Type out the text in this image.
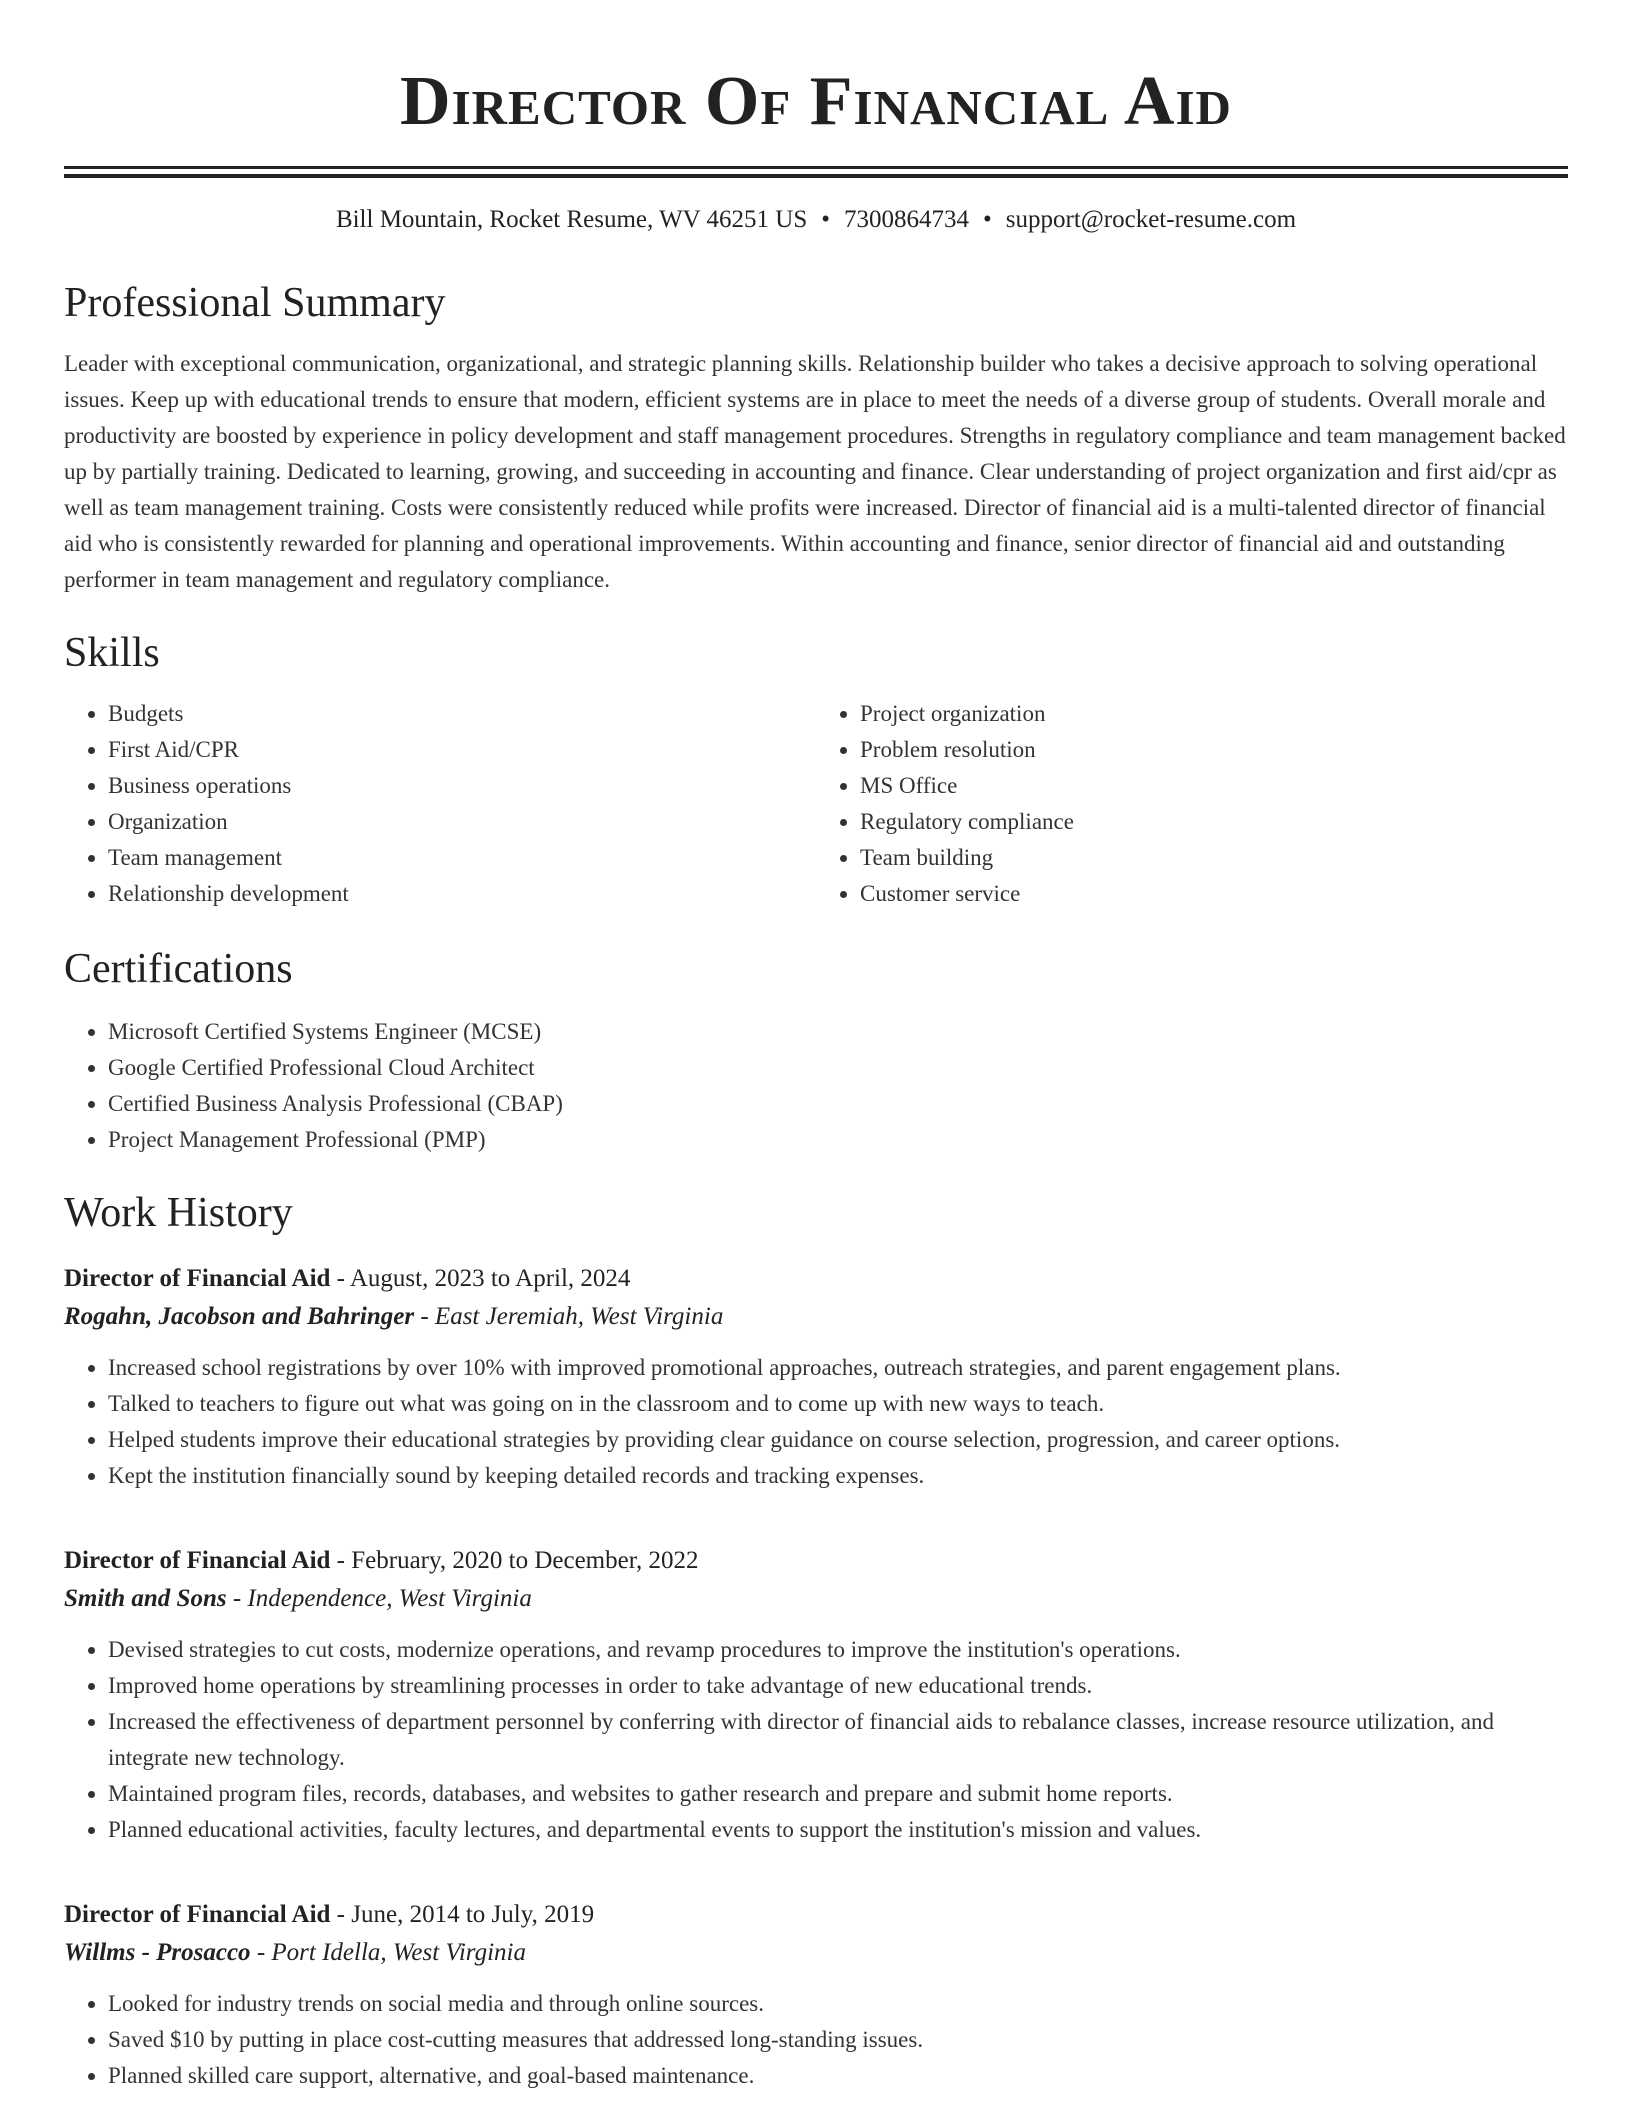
Director Of Financial Aid
Bill Mountain, Rocket Resume, WV 46251 US • 7300864734 • support@rocket-resume.com
Professional Summary
Leader with exceptional communication, organizational, and strategic planning skills. Relationship builder who takes a decisive approach to solving operational issues. Keep up with educational trends to ensure that modern, efficient systems are in place to meet the needs of a diverse group of students. Overall morale and productivity are boosted by experience in policy development and staff management procedures. Strengths in regulatory compliance and team management backed up by partially training. Dedicated to learning, growing, and succeeding in accounting and finance. Clear understanding of project organization and first aid/cpr as well as team management training. Costs were consistently reduced while profits were increased. Director of financial aid is a multi-talented director of financial aid who is consistently rewarded for planning and operational improvements. Within accounting and finance, senior director of financial aid and outstanding performer in team management and regulatory compliance.
Skills
• Budgets
• First Aid/CPR
• Business operations
• Organization
• Team management
• Relationship development
• Project organization
• Problem resolution
• MS Office
• Regulatory compliance
• Team building
• Customer service
Certifications
• Microsoft Certified Systems Engineer (MCSE)
• Google Certified Professional Cloud Architect
• Certified Business Analysis Professional (CBAP)
• Project Management Professional (PMP)
Work History
Director of Financial Aid - August, 2023 to April, 2024
Rogahn, Jacobson and Bahringer - East Jeremiah, West Virginia
• Increased school registrations by over 10% with improved promotional approaches, outreach strategies, and parent engagement plans.
• Talked to teachers to figure out what was going on in the classroom and to come up with new ways to teach.
• Helped students improve their educational strategies by providing clear guidance on course selection, progression, and career options.
• Kept the institution financially sound by keeping detailed records and tracking expenses.
Director of Financial Aid - February, 2020 to December, 2022
Smith and Sons - Independence, West Virginia
• Devised strategies to cut costs, modernize operations, and revamp procedures to improve the institution's operations.
• Improved home operations by streamlining processes in order to take advantage of new educational trends.
• Increased the effectiveness of department personnel by conferring with director of financial aids to rebalance classes, increase resource utilization, and integrate new technology.
• Maintained program files, records, databases, and websites to gather research and prepare and submit home reports.
• Planned educational activities, faculty lectures, and departmental events to support the institution's mission and values.
Director of Financial Aid - June, 2014 to July, 2019
Willms - Prosacco - Port Idella, West Virginia
• Looked for industry trends on social media and through online sources.
• Saved $10 by putting in place cost-cutting measures that addressed long-standing issues.
• Planned skilled care support, alternative, and goal-based maintenance.
